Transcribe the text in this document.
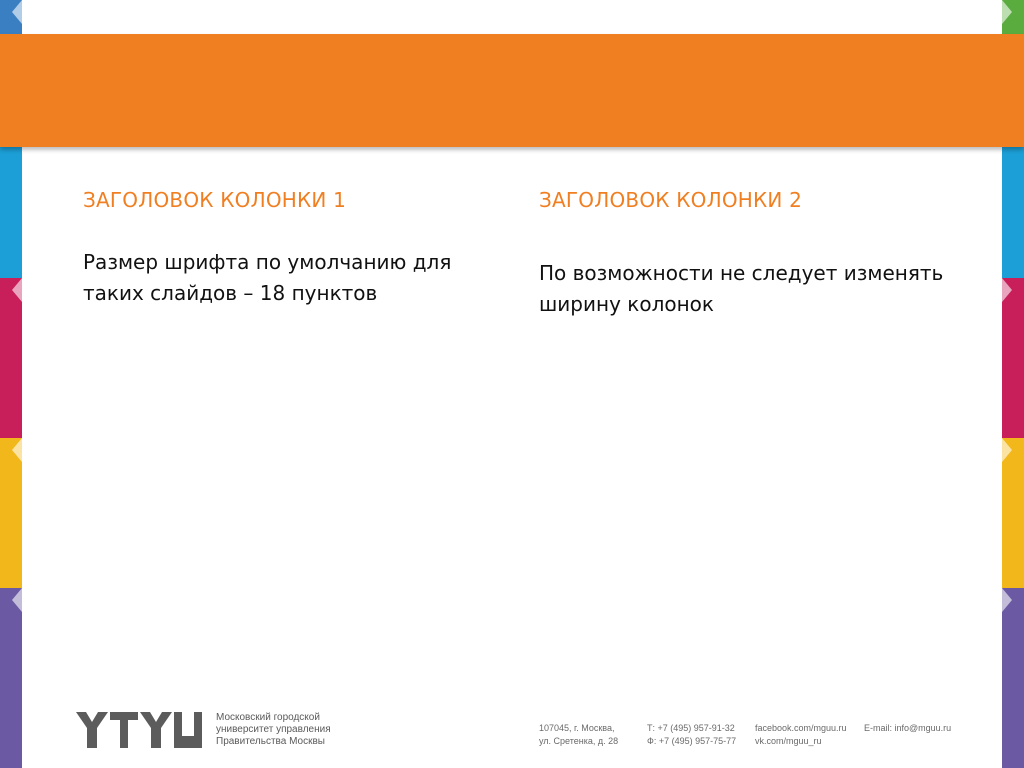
ЗАГОЛОВОК КОЛОНКИ 1

Размер шрифта по умолчанию для таких слайдов – 18 пунктов

ЗАГОЛОВОК КОЛОНКИ 2

По возможности не следует изменять ширину колонок

Московский городской
университет управления
Правительства Москвы
107045, г. Москва,
ул. Сретенка, д. 28
Т: +7 (495) 957-91-32
Ф: +7 (495) 957-75-77
facebook.com/mguu.ru
vk.com/mguu_ru
E-mail: info@mguu.ru
